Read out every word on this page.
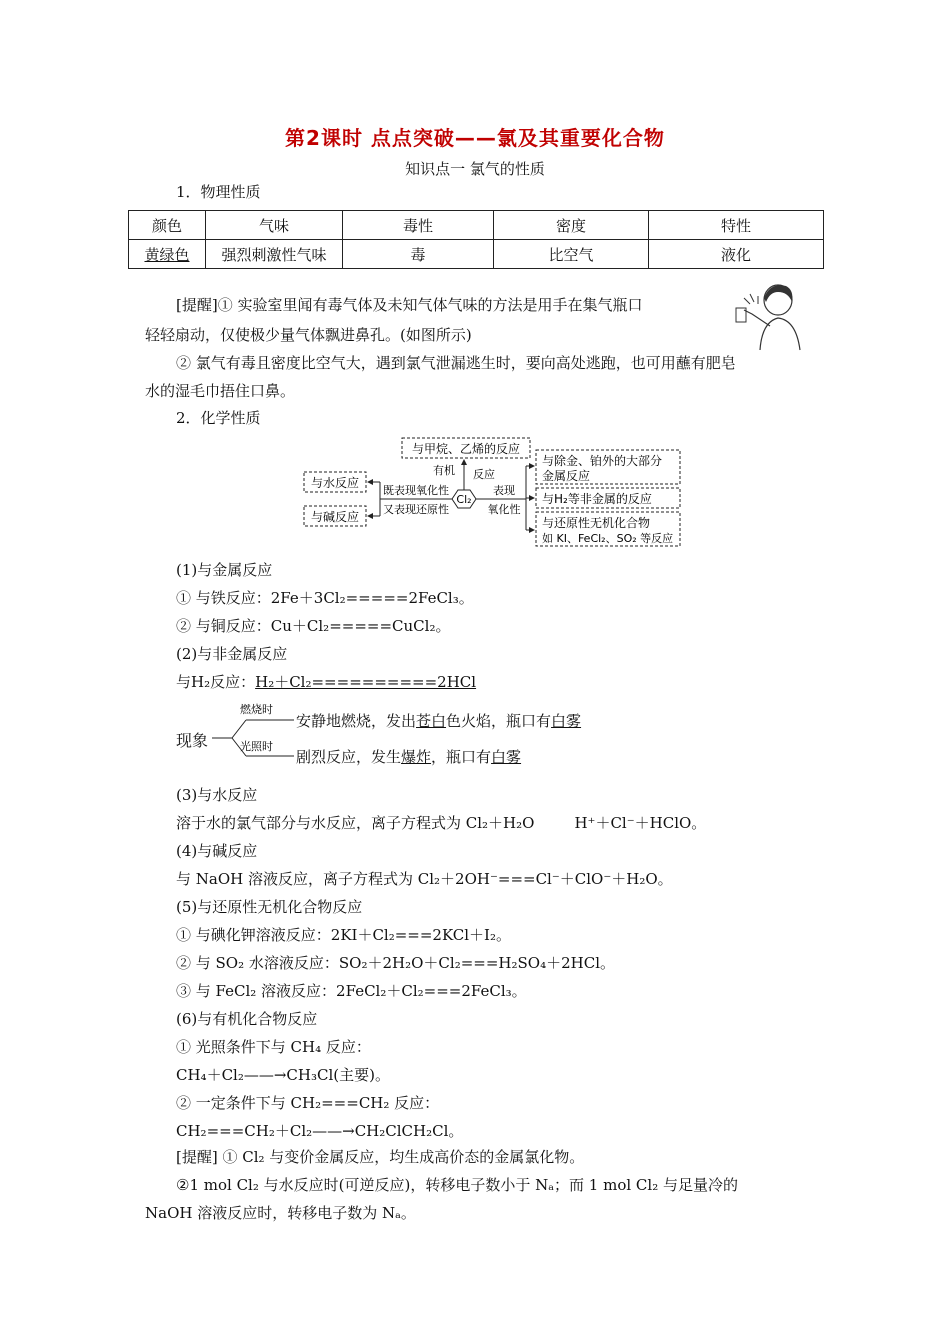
第2课时 点点突破——氯及其重要化合物
知识点一 氯气的性质
1．物理性质
颜色	气味	毒性	密度	特性
黄绿色	强烈刺激性气味	毒	比空气	液化
[提醒]① 实验室里闻有毒气体及未知气体气味的方法是用手在集气瓶口
轻轻扇动，仅使极少量气体飘进鼻孔。(如图所示)
② 氯气有毒且密度比空气大，遇到氯气泄漏逃生时，要向高处逃跑，也可用蘸有肥皂
水的湿毛巾捂住口鼻。
2．化学性质
与甲烷、乙烯的反应
与水反应
与碱反应
与除金、铂外的大部分
金属反应
与H₂等非金属的反应
与还原性无机化合物
如 KI、FeCl₂、SO₂ 等反应
Cl₂
有机 反应
既表现氧化性
又表现还原性
表现
氧化性
(1)与金属反应
① 与铁反应：2Fe＋3Cl₂=====2FeCl₃。
② 与铜反应：Cu＋Cl₂=====CuCl₂。
(2)与非金属反应
与H₂反应：H₂＋Cl₂==========2HCl
现象
燃烧时
光照时
安静地燃烧，发出苍白色火焰，瓶口有白雾
剧烈反应，发生爆炸，瓶口有白雾
(3)与水反应
溶于水的氯气部分与水反应，离子方程式为 Cl₂＋H₂O	H⁺＋Cl⁻＋HClO。
(4)与碱反应
与 NaOH 溶液反应，离子方程式为 Cl₂＋2OH⁻===Cl⁻＋ClO⁻＋H₂O。
(5)与还原性无机化合物反应
① 与碘化钾溶液反应：2KI＋Cl₂===2KCl＋I₂。
② 与 SO₂ 水溶液反应：SO₂＋2H₂O＋Cl₂===H₂SO₄＋2HCl。
③ 与 FeCl₂ 溶液反应：2FeCl₂＋Cl₂===2FeCl₃。
(6)与有机化合物反应
① 光照条件下与 CH₄ 反应：
CH₄＋Cl₂——→CH₃Cl(主要)。
② 一定条件下与 CH₂===CH₂ 反应：
CH₂===CH₂＋Cl₂——→CH₂ClCH₂Cl。
[提醒] ① Cl₂ 与变价金属反应，均生成高价态的金属氯化物。
②1 mol Cl₂ 与水反应时(可逆反应)，转移电子数小于 Nₐ；而 1 mol Cl₂ 与足量冷的
NaOH 溶液反应时，转移电子数为 Nₐ。
